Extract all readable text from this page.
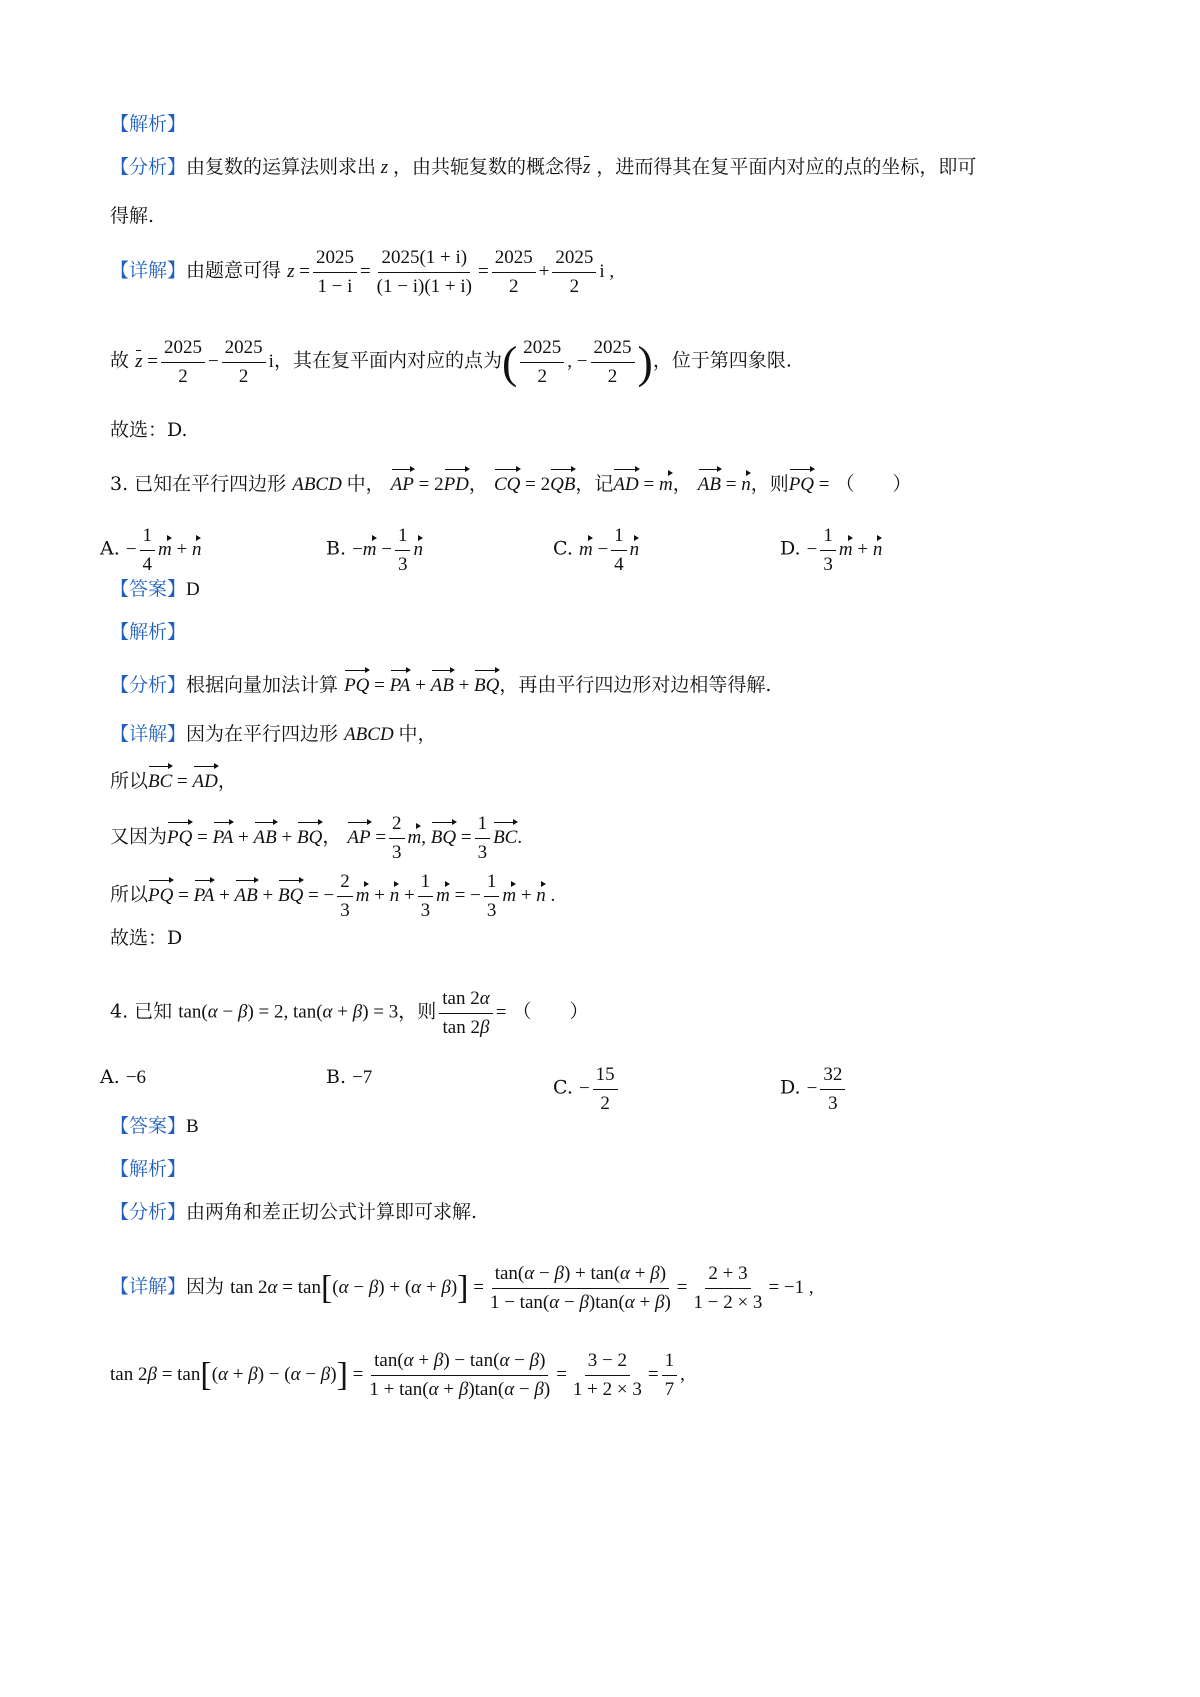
【解析】
【分析】由复数的运算法则求出 z ，由共轭复数的概念得z ，进而得其在复平面内对应的点的坐标，即可
得解.
【详解】由题意可得 $z = \frac{2025}{1 - i} = \frac{2025(1 + i)}{(1 - i)(1 + i)} = \frac{2025}{2} + \frac{2025}{2}$ i ,
故 $z = \frac{2025}{2} - \frac{2025}{2}$ i，其在复平面内对应的点为( $\frac{2025}{2}$ , − $\frac{2025}{2}$ )，位于第四象限.
故选：D.
3. 已知在平行四边形 ABCD 中， AP = 2PD， CQ = 2QB，记AD = m， AB = n，则PQ = （　　）
A. − $\frac{1}{4}$ m + n	B. $-m - \frac{1}{3}$ n	C. $m - \frac{1}{4}$ n	D. − $\frac{1}{3}$ m + n
【答案】D
【解析】
【分析】根据向量加法计算 PQ = PA + AB + BQ，再由平行四边形对边相等得解.
【详解】因为在平行四边形 ABCD 中，
所以BC = AD，
又因为PQ = PA + AB + BQ， AP = $\frac{2}{3} m$, BQ = $\frac{1}{3}$ BC.
所以PQ = PA + AB + BQ = − $\frac{2}{3}$ $m + n + \frac{1}{3}$ m = − $\frac{1}{3}$ m + n .
故选：D
4. 已知 tan(α − β) = 2, tan(α + β) = 3，则 $\frac{\tan 2\alpha}{\tan 2\beta}$ = （　　）
A. −6	B. −7	C. − $\frac{15}{2}$	D. − $\frac{32}{3}$
【答案】B
【解析】
【分析】由两角和差正切公式计算即可求解.
【详解】因为 $\tan 2\alpha = \tan[(\alpha - \beta) + (\alpha + \beta)] = \frac{\tan(\alpha - \beta) + \tan(\alpha + \beta)}{1 - \tan(\alpha - \beta)\tan(\alpha + \beta)} = \frac{2 + 3}{1 - 2 \times 3} = -1$ ,
$\tan 2\beta = \tan[(\alpha + \beta) - (\alpha - \beta)] = \frac{\tan(\alpha + \beta) - \tan(\alpha - \beta)}{1 + \tan(\alpha + \beta)\tan(\alpha - \beta)} = \frac{3 - 2}{1 + 2 \times 3} = \frac{1}{7}$ ,
